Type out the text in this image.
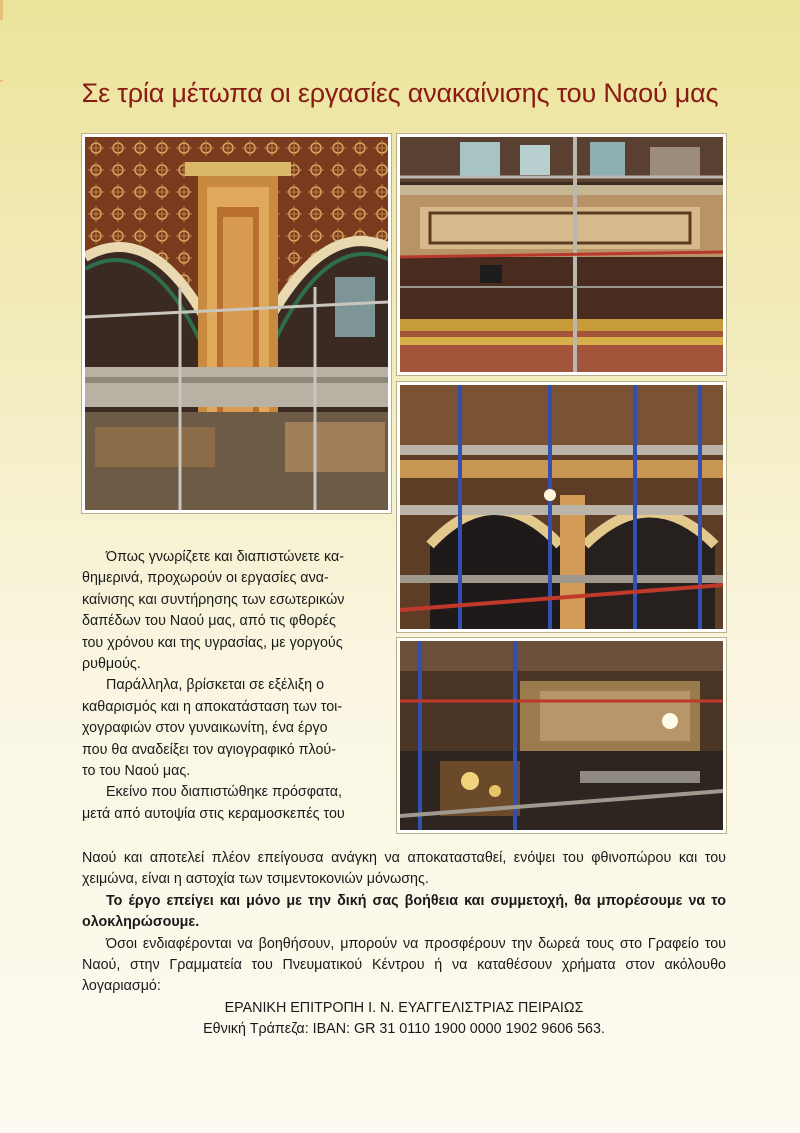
Σε τρία μέτωπα οι εργασίες ανακαίνισης του Ναού μας

Όπως γνωρίζετε και διαπιστώνετε κα-
θημερινά, προχωρούν οι εργασίες ανα-
καίνισης και συντήρησης των εσωτερικών
δαπέδων του Ναού μας, από τις φθορές
του χρόνου και της υγρασίας, με γοργούς
ρυθμούς.

Παράλληλα, βρίσκεται σε εξέλιξη ο
καθαρισμός και η αποκατάσταση των τοι-
χογραφιών στον γυναικωνίτη, ένα έργο
που θα αναδείξει τον αγιογραφικό πλού-
το του Ναού μας.

Εκείνο που διαπιστώθηκε πρόσφατα,
μετά από αυτοψία στις κεραμοσκεπές του

Ναού και αποτελεί πλέον επείγουσα ανάγκη να αποκατασταθεί, ενόψει του φθινοπώρου και του χειμώνα, είναι η αστοχία των τσιμεντοκονιών μόνωσης.

Το έργο επείγει και μόνο με την δική σας βοήθεια και συμμετοχή, θα μπορέσουμε να το ολοκληρώσουμε.

Όσοι ενδιαφέρονται να βοηθήσουν, μπορούν να προσφέρουν την δωρεά τους στο Γραφείο του Ναού, στην Γραμματεία του Πνευματικού Κέντρου ή να καταθέσουν χρήματα στον ακόλουθο λογαριασμό:

ΕΡΑΝΙΚΗ ΕΠΙΤΡΟΠΗ Ι. Ν. ΕΥΑΓΓΕΛΙΣΤΡΙΑΣ ΠΕΙΡΑΙΩΣ

Εθνική Τράπεζα: IBAN: GR 31 0110 1900 0000 1902 9606 563.
